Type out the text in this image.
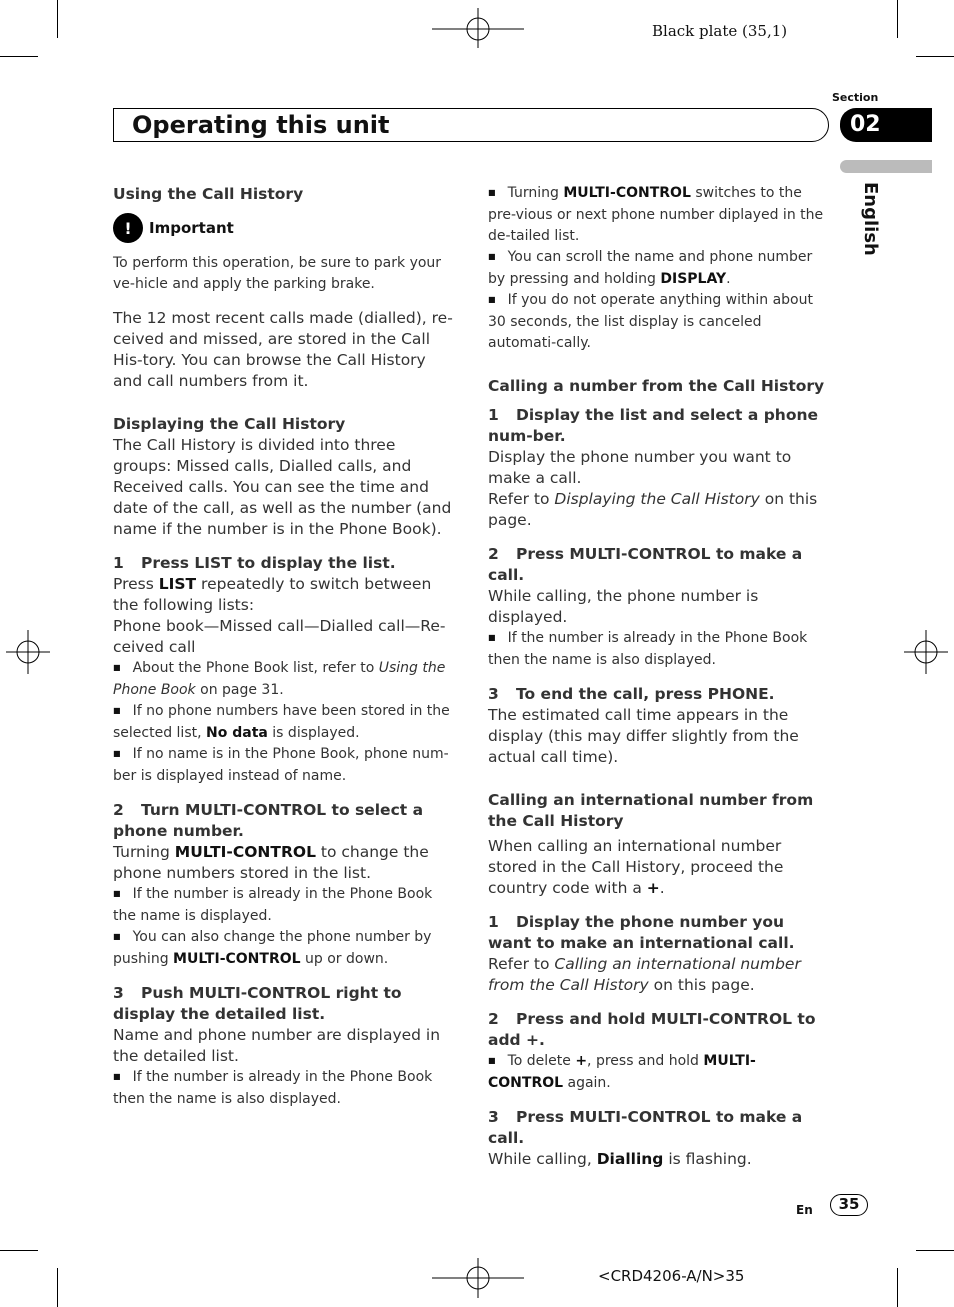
Black plate (35,1)
Operating this unit
Section
02
English

Using the Call History

!	Important

To perform this operation, be sure to park your ve-hicle and apply the parking brake.

The 12 most recent calls made (dialled), re-ceived and missed, are stored in the Call His-tory. You can browse the Call History and call numbers from it.

Displaying the Call History

The Call History is divided into three groups: Missed calls, Dialled calls, and Received calls. You can see the time and date of the call, as well as the number (and name if the number is in the Phone Book).

1 Press LIST to display the list.

Press LIST repeatedly to switch between the following lists:

Phone book—Missed call—Dialled call—Re-ceived call

■ About the Phone Book list, refer to Using the Phone Book on page 31.

■ If no phone numbers have been stored in the selected list, No data is displayed.

■ If no name is in the Phone Book, phone num-ber is displayed instead of name.

2 Turn MULTI-CONTROL to select a phone number.

Turning MULTI-CONTROL to change the phone numbers stored in the list.

■ If the number is already in the Phone Book the name is displayed.

■ You can also change the phone number by pushing MULTI-CONTROL up or down.

3 Push MULTI-CONTROL right to display the detailed list.

Name and phone number are displayed in the detailed list.

■ If the number is already in the Phone Book then the name is also displayed.

■ Turning MULTI-CONTROL switches to the pre-vious or next phone number diplayed in the de-tailed list.

■ You can scroll the name and phone number by pressing and holding DISPLAY.

■ If you do not operate anything within about 30 seconds, the list display is canceled automati-cally.

Calling a number from the Call History

1 Display the list and select a phone num-ber.

Display the phone number you want to make a call.

Refer to Displaying the Call History on this page.

2 Press MULTI-CONTROL to make a call.

While calling, the phone number is displayed.

■ If the number is already in the Phone Book then the name is also displayed.

3 To end the call, press PHONE.

The estimated call time appears in the display (this may differ slightly from the actual call time).

Calling an international number from the Call History

When calling an international number stored in the Call History, proceed the country code with a +.

1 Display the phone number you want to make an international call.

Refer to Calling an international number from the Call History on this page.

2 Press and hold MULTI-CONTROL to add +.

■ To delete +, press and hold MULTI-CONTROL again.

3 Press MULTI-CONTROL to make a call.

While calling, Dialling is flashing.

En	35
<CRD4206-A/N>35
